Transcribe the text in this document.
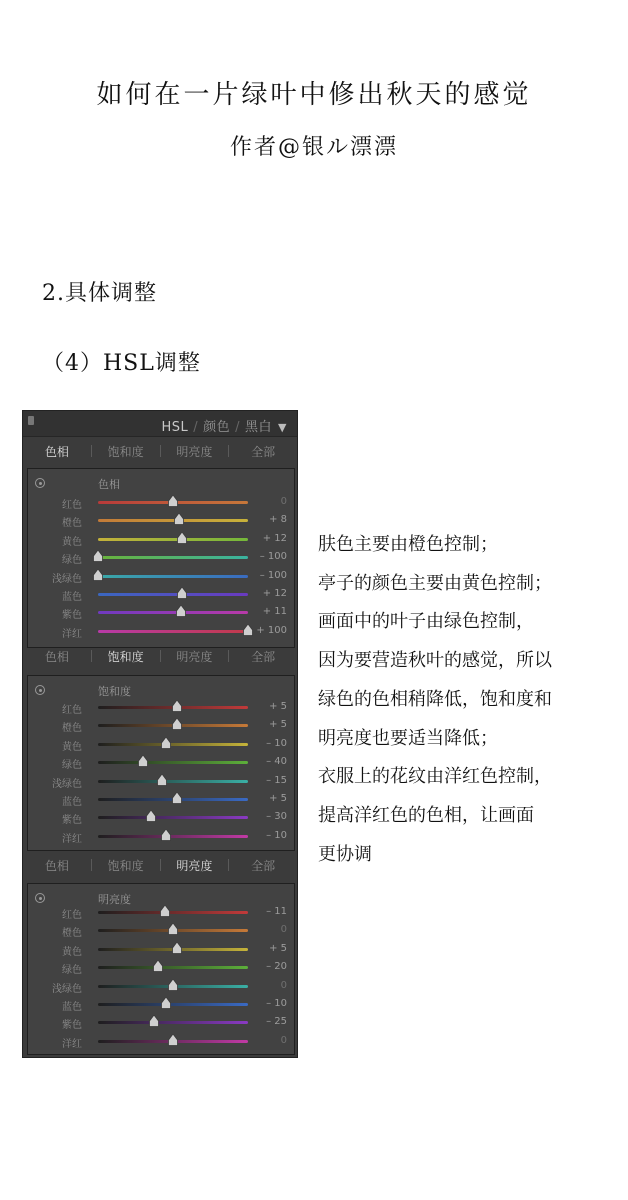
如何在一片绿叶中修出秋天的感觉
作者@银ル漂漂
2.具体调整
（4）HSL调整
HSL / 颜色 / 黑白 ▼
色相	饱和度	明亮度	全部
色相
红色	0
橙色	+ 8
黄色	+ 12
绿色	– 100
浅绿色	– 100
蓝色	+ 12
紫色	+ 11
洋红	+ 100
色相	饱和度	明亮度	全部
饱和度
红色	+ 5
橙色	+ 5
黄色	– 10
绿色	– 40
浅绿色	– 15
蓝色	+ 5
紫色	– 30
洋红	– 10
色相	饱和度	明亮度	全部
明亮度
红色	– 11
橙色	0
黄色	+ 5
绿色	– 20
浅绿色	0
蓝色	– 10
紫色	– 25
洋红	0
肤色主要由橙色控制；
亭子的颜色主要由黄色控制；
画面中的叶子由绿色控制，
因为要营造秋叶的感觉，所以
绿色的色相稍降低，饱和度和
明亮度也要适当降低；
衣服上的花纹由洋红色控制，
提高洋红色的色相，让画面
更协调
